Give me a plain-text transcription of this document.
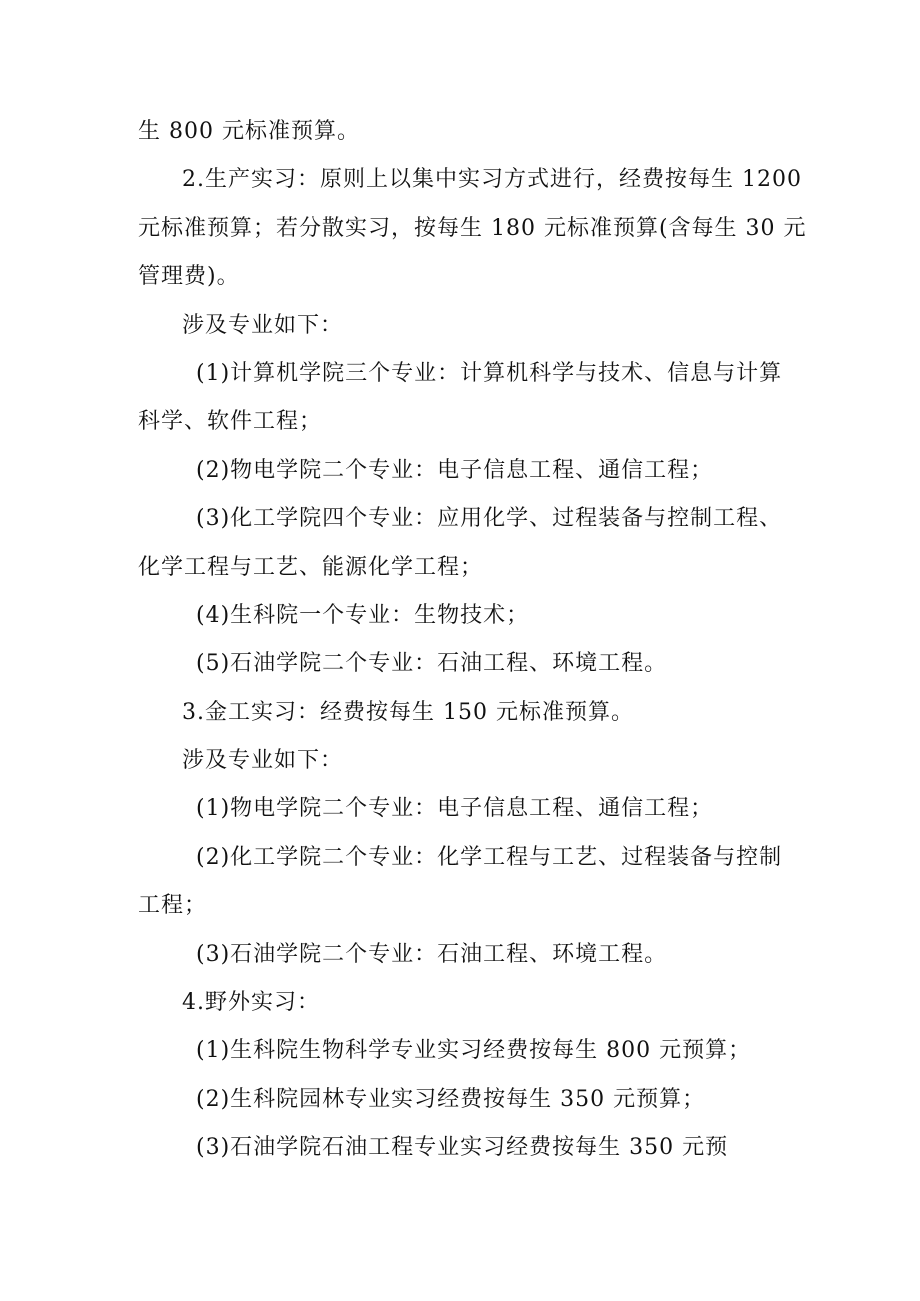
生 800 元标准预算。
2.生产实习：原则上以集中实习方式进行，经费按每生 1200
元标准预算；若分散实习，按每生 180 元标准预算(含每生 30 元
管理费)。
涉及专业如下：
(1)计算机学院三个专业：计算机科学与技术、信息与计算
科学、软件工程；
(2)物电学院二个专业：电子信息工程、通信工程；
(3)化工学院四个专业：应用化学、过程装备与控制工程、
化学工程与工艺、能源化学工程；
(4)生科院一个专业：生物技术；
(5)石油学院二个专业：石油工程、环境工程。
3.金工实习：经费按每生 150 元标准预算。
涉及专业如下：
(1)物电学院二个专业：电子信息工程、通信工程；
(2)化工学院二个专业：化学工程与工艺、过程装备与控制
工程；
(3)石油学院二个专业：石油工程、环境工程。
4.野外实习：
(1)生科院生物科学专业实习经费按每生 800 元预算；
(2)生科院园林专业实习经费按每生 350 元预算；
(3)石油学院石油工程专业实习经费按每生 350 元预
